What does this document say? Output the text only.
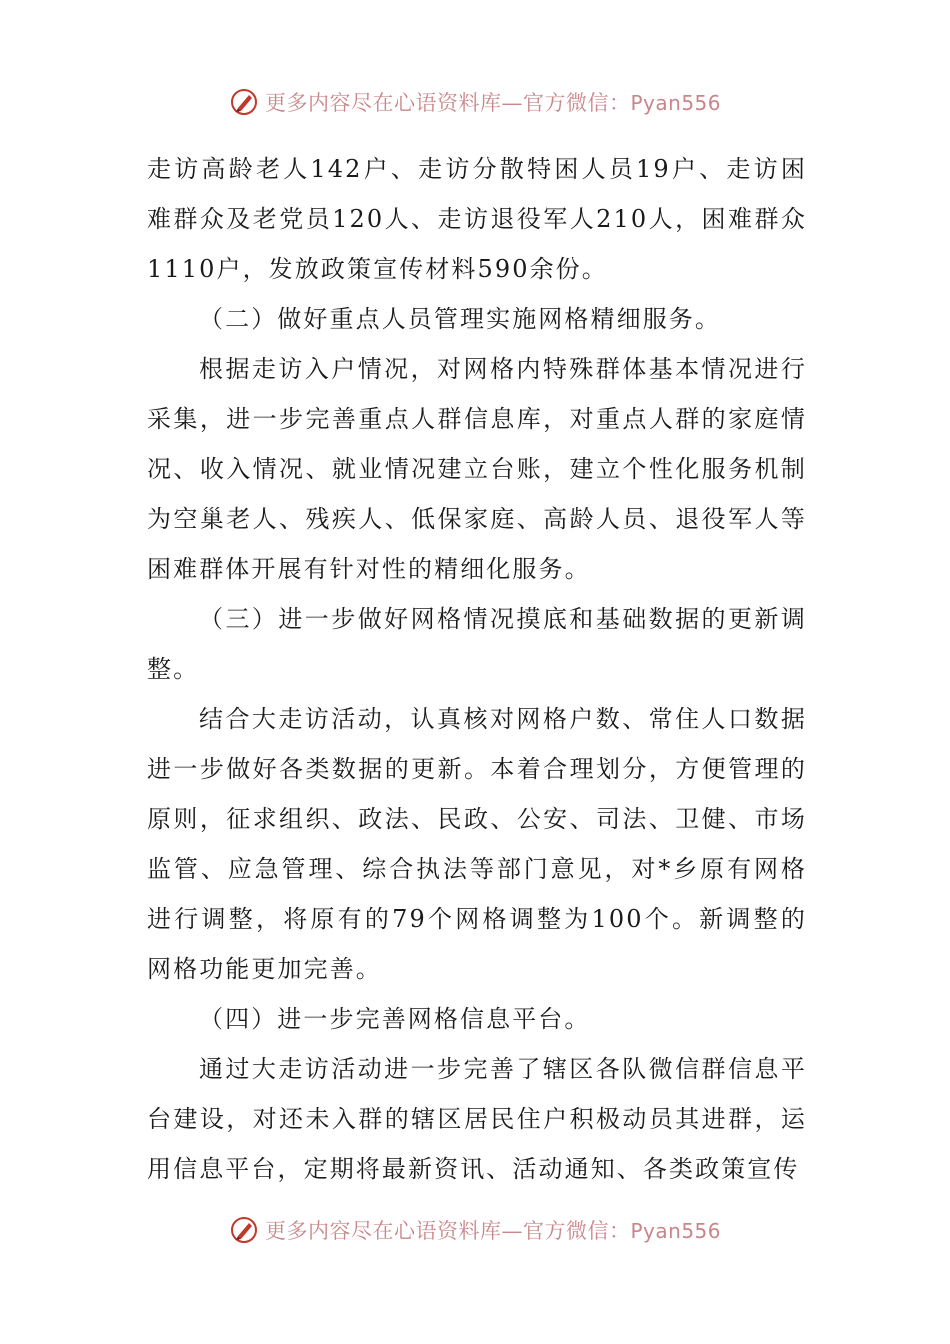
更多内容尽在心语资料库—官方微信：Pyan556

走访高龄老人142户、走访分散特困人员19户、走访困难群众及老党员120人、走访退役军人210人，困难群众1110户，发放政策宣传材料590余份。

（二）做好重点人员管理实施网格精细服务。

根据走访入户情况，对网格内特殊群体基本情况进行采集，进一步完善重点人群信息库，对重点人群的家庭情况、收入情况、就业情况建立台账，建立个性化服务机制为空巢老人、残疾人、低保家庭、高龄人员、退役军人等困难群体开展有针对性的精细化服务。

（三）进一步做好网格情况摸底和基础数据的更新调整。

结合大走访活动，认真核对网格户数、常住人口数据进一步做好各类数据的更新。本着合理划分，方便管理的原则，征求组织、政法、民政、公安、司法、卫健、市场监管、应急管理、综合执法等部门意见，对*乡原有网格进行调整，将原有的79个网格调整为100个。新调整的网格功能更加完善。

（四）进一步完善网格信息平台。

通过大走访活动进一步完善了辖区各队微信群信息平台建设，对还未入群的辖区居民住户积极动员其进群，运用信息平台，定期将最新资讯、活动通知、各类政策宣传

更多内容尽在心语资料库—官方微信：Pyan556
